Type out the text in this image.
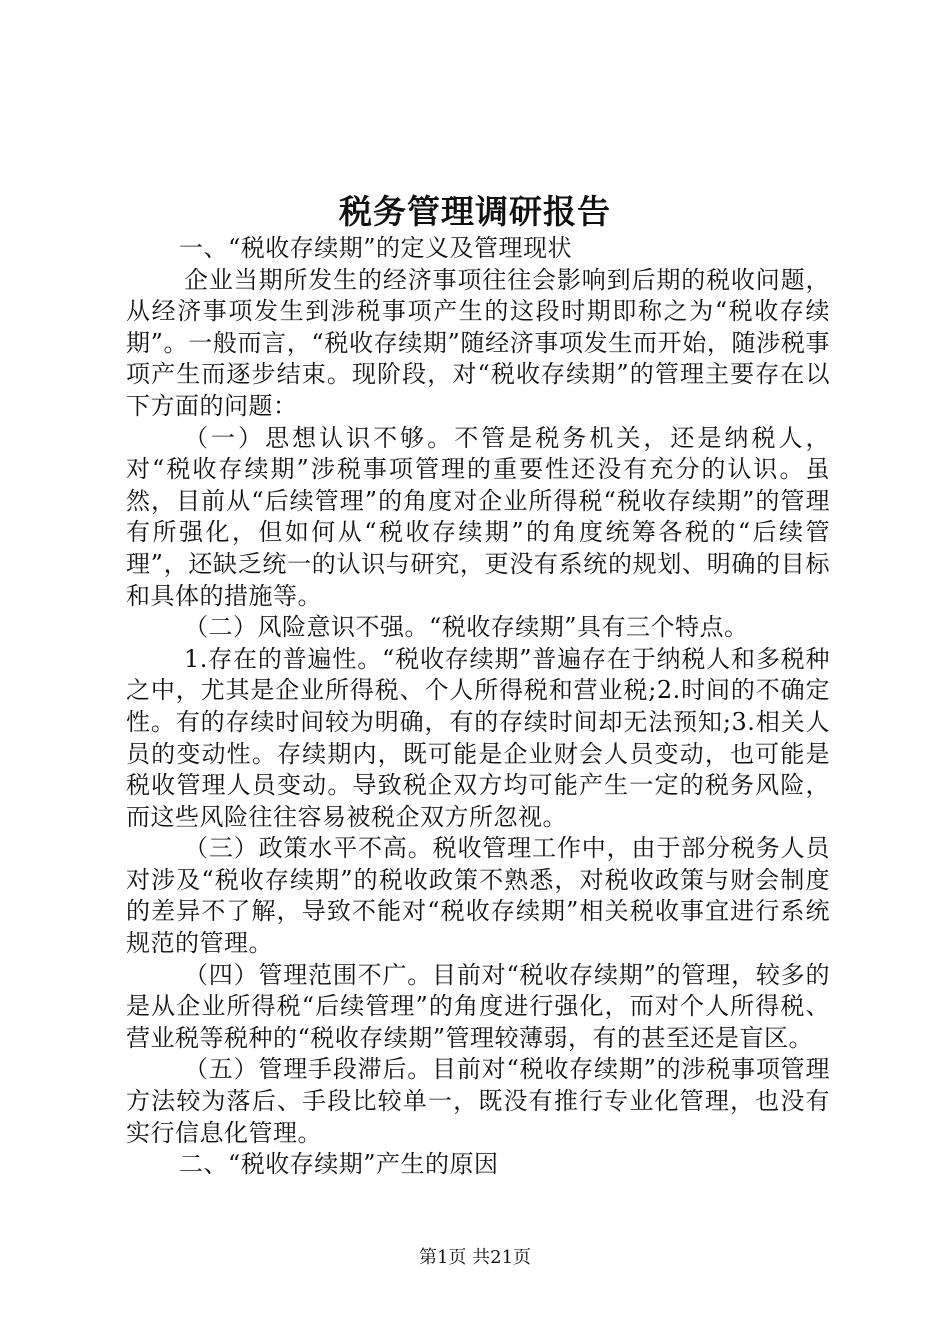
税务管理调研报告

一、“税收存续期”的定义及管理现状

企业当期所发生的经济事项往往会影响到后期的税收问题，从经济事项发生到涉税事项产生的这段时期即称之为“税收存续期”。一般而言，“税收存续期”随经济事项发生而开始，随涉税事项产生而逐步结束。现阶段，对“税收存续期”的管理主要存在以下方面的问题：

（一）思想认识不够。不管是税务机关，还是纳税人，对“税收存续期”涉税事项管理的重要性还没有充分的认识。虽然，目前从“后续管理”的角度对企业所得税“税收存续期”的管理有所强化，但如何从“税收存续期”的角度统筹各税的“后续管理”，还缺乏统一的认识与研究，更没有系统的规划、明确的目标和具体的措施等。

（二）风险意识不强。“税收存续期”具有三个特点。

1.存在的普遍性。“税收存续期”普遍存在于纳税人和多税种之中，尤其是企业所得税、个人所得税和营业税;2.时间的不确定性。有的存续时间较为明确，有的存续时间却无法预知;3.相关人员的变动性。存续期内，既可能是企业财会人员变动，也可能是税收管理人员变动。导致税企双方均可能产生一定的税务风险，而这些风险往往容易被税企双方所忽视。

（三）政策水平不高。税收管理工作中，由于部分税务人员对涉及“税收存续期”的税收政策不熟悉，对税收政策与财会制度的差异不了解，导致不能对“税收存续期”相关税收事宜进行系统规范的管理。

（四）管理范围不广。目前对“税收存续期”的管理，较多的是从企业所得税“后续管理”的角度进行强化，而对个人所得税、营业税等税种的“税收存续期”管理较薄弱，有的甚至还是盲区。

（五）管理手段滞后。目前对“税收存续期”的涉税事项管理方法较为落后、手段比较单一，既没有推行专业化管理，也没有实行信息化管理。

二、“税收存续期”产生的原因

第1页 共21页
